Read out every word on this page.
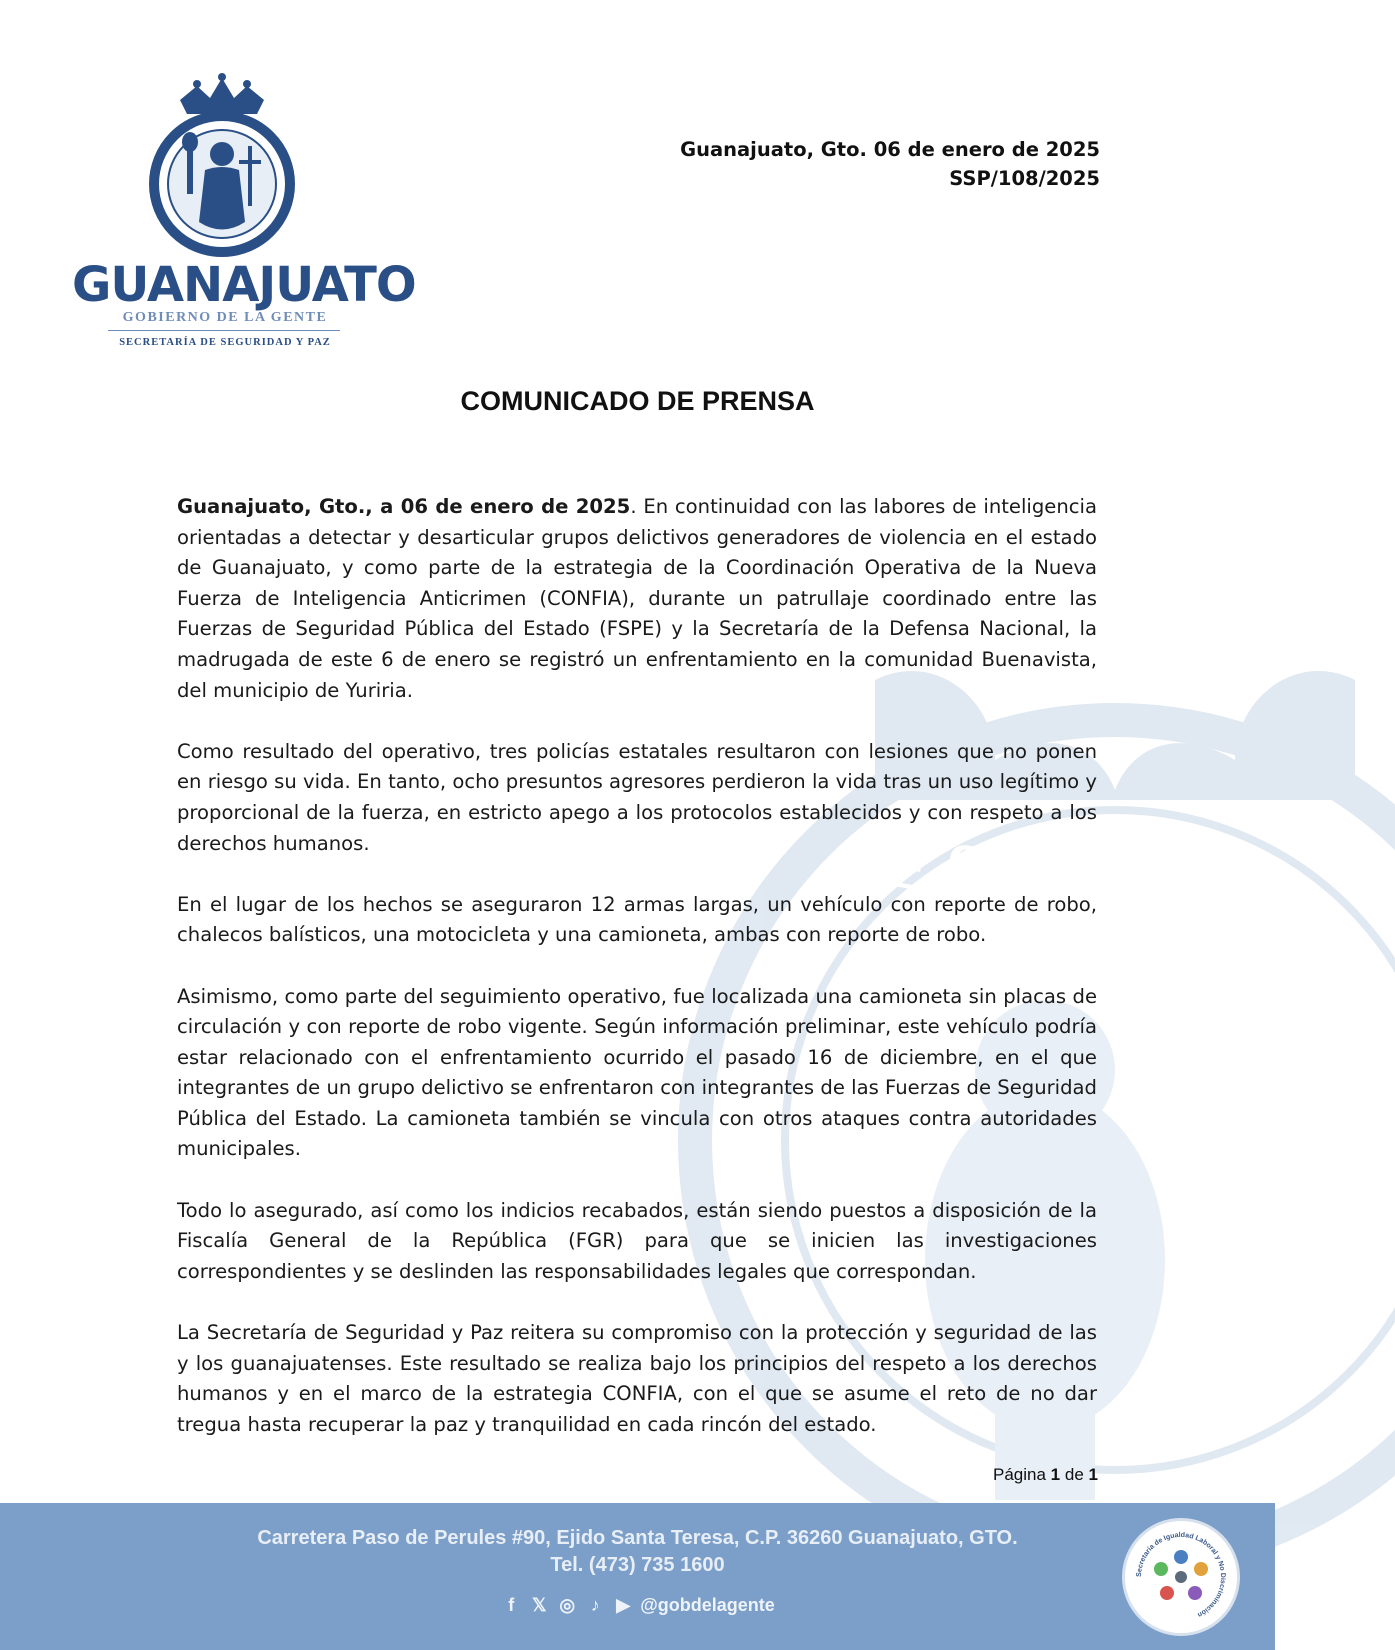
ESTADO D
GUANAJUATO
GOBIERNO DE LA GENTE
SECRETARÍA DE SEGURIDAD Y PAZ
Guanajuato, Gto. 06 de enero de 2025
SSP/108/2025
COMUNICADO DE PRENSA

Guanajuato, Gto., a 06 de enero de 2025. En continuidad con las labores de inteligencia orientadas a detectar y desarticular grupos delictivos generadores de violencia en el estado de Guanajuato, y como parte de la estrategia de la Coordinación Operativa de la Nueva Fuerza de Inteligencia Anticrimen (CONFIA), durante un patrullaje coordinado entre las Fuerzas de Seguridad Pública del Estado (FSPE) y la Secretaría de la Defensa Nacional, la madrugada de este 6 de enero se registró un enfrentamiento en la comunidad Buenavista, del municipio de Yuriria.

Como resultado del operativo, tres policías estatales resultaron con lesiones que no ponen en riesgo su vida. En tanto, ocho presuntos agresores perdieron la vida tras un uso legítimo y proporcional de la fuerza, en estricto apego a los protocolos establecidos y con respeto a los derechos humanos.

En el lugar de los hechos se aseguraron 12 armas largas, un vehículo con reporte de robo, chalecos balísticos, una motocicleta y una camioneta, ambas con reporte de robo.

Asimismo, como parte del seguimiento operativo, fue localizada una camioneta sin placas de circulación y con reporte de robo vigente. Según información preliminar, este vehículo podría estar relacionado con el enfrentamiento ocurrido el pasado 16 de diciembre, en el que integrantes de un grupo delictivo se enfrentaron con integrantes de las Fuerzas de Seguridad Pública del Estado. La camioneta también se vincula con otros ataques contra autoridades municipales.

Todo lo asegurado, así como los indicios recabados, están siendo puestos a disposición de la Fiscalía General de la República (FGR) para que se inicien las investigaciones correspondientes y se deslinden las responsabilidades legales que correspondan.

La Secretaría de Seguridad y Paz reitera su compromiso con la protección y seguridad de las y los guanajuatenses. Este resultado se realiza bajo los principios del respeto a los derechos humanos y en el marco de la estrategia CONFIA, con el que se asume el reto de no dar tregua hasta recuperar la paz y tranquilidad en cada rincón del estado.

Página 1 de 1
Carretera Paso de Perules #90, Ejido Santa Teresa, C.P. 36260 Guanajuato, GTO.
Tel. (473) 735 1600
f 𝕏 ◎ ♪ ▶ @gobdelagente
Secretaría de Igualdad Laboral y No Discriminación
